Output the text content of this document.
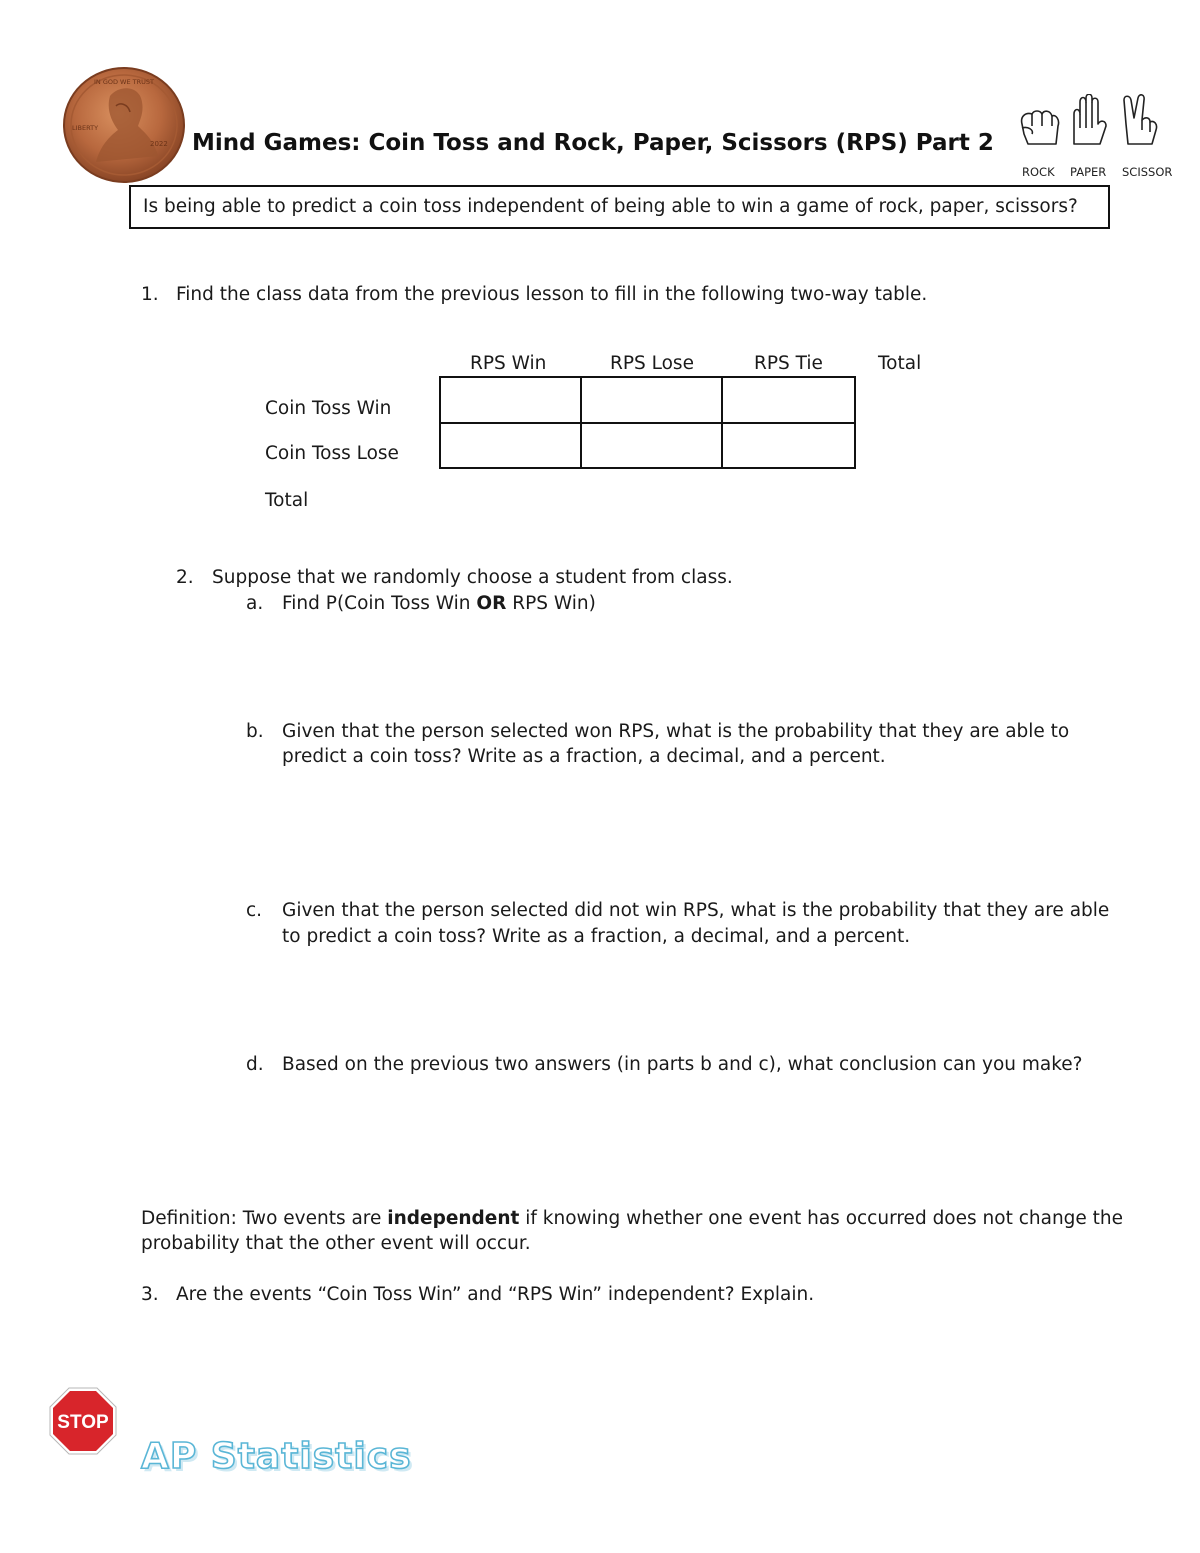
IN GOD WE TRUST
LIBERTY
2022 Mind Games: Coin Toss and Rock, Paper, Scissors (RPS) Part 2
ROCK PAPER SCISSOR
Is being able to predict a coin toss independent of being able to win a game of rock, paper, scissors?
1. Find the class data from the previous lesson to fill in the following two-way table.
RPS Win	RPS Lose	RPS Tie	Total
Coin Toss Win
Coin Toss Lose
Total

2. Suppose that we randomly choose a student from class.
a. Find P(Coin Toss Win OR RPS Win)
b. Given that the person selected won RPS, what is the probability that they are able to
predict a coin toss? Write as a fraction, a decimal, and a percent.
c. Given that the person selected did not win RPS, what is the probability that they are able
to predict a coin toss? Write as a fraction, a decimal, and a percent.
d. Based on the previous two answers (in parts b and c), what conclusion can you make?
Definition: Two events are independent if knowing whether one event has occurred does not change the
probability that the other event will occur.
3. Are the events “Coin Toss Win” and “RPS Win” independent? Explain.
STOP
AP Statistics
